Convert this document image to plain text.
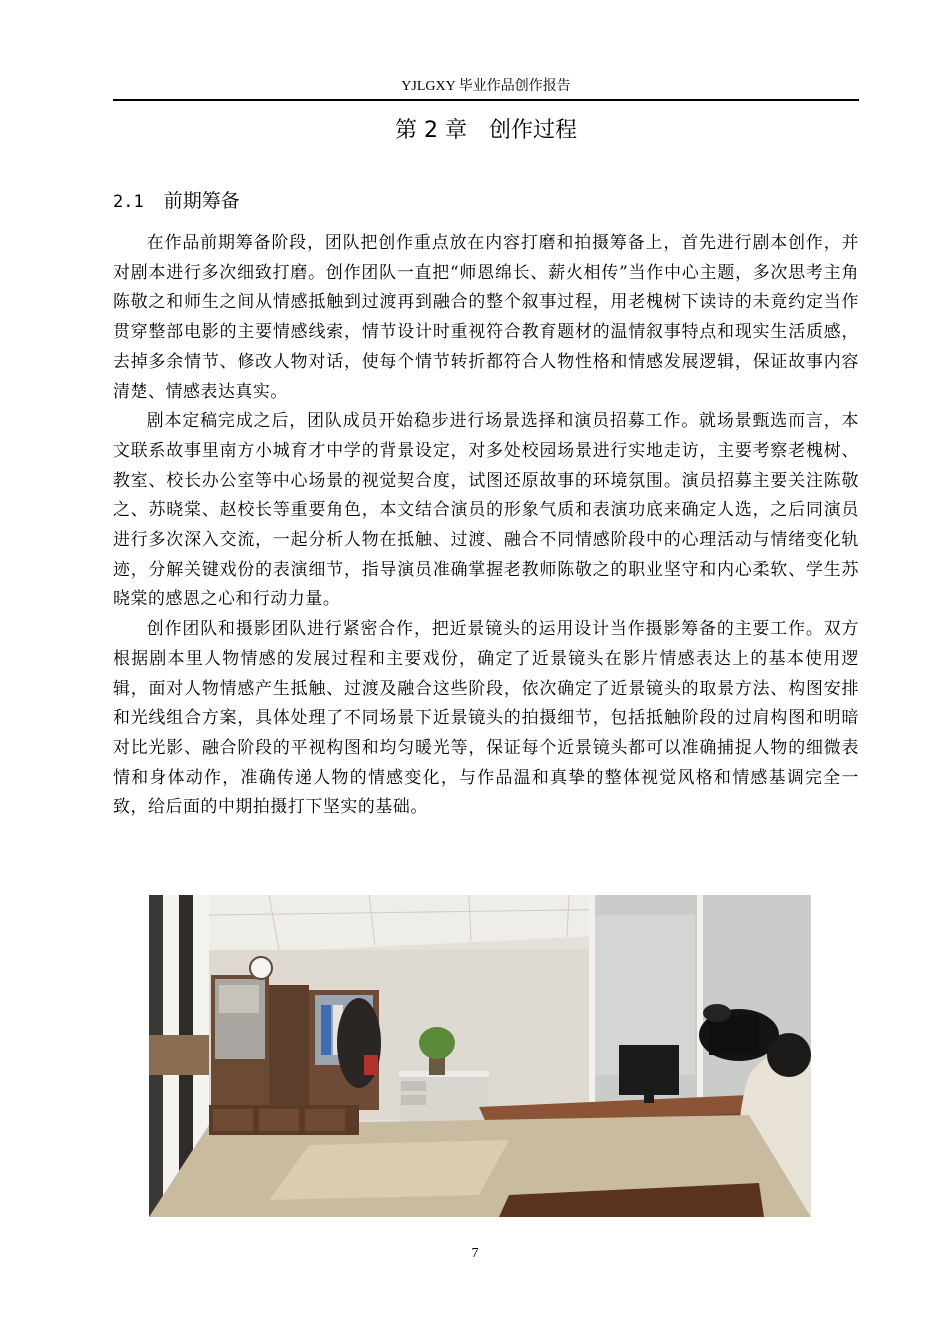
YJLGXY 毕业作品创作报告
第 2 章 创作过程
2.1 前期筹备

在作品前期筹备阶段，团队把创作重点放在内容打磨和拍摄筹备上，首先进行剧本创作，并对剧本进行多次细致打磨。创作团队一直把“师恩绵长、薪火相传”当作中心主题，多次思考主角陈敬之和师生之间从情感抵触到过渡再到融合的整个叙事过程，用老槐树下读诗的未竟约定当作贯穿整部电影的主要情感线索，情节设计时重视符合教育题材的温情叙事特点和现实生活质感，去掉多余情节、修改人物对话，使每个情节转折都符合人物性格和情感发展逻辑，保证故事内容清楚、情感表达真实。

剧本定稿完成之后，团队成员开始稳步进行场景选择和演员招募工作。就场景甄选而言，本文联系故事里南方小城育才中学的背景设定，对多处校园场景进行实地走访，主要考察老槐树、教室、校长办公室等中心场景的视觉契合度，试图还原故事的环境氛围。演员招募主要关注陈敬之、苏晓棠、赵校长等重要角色，本文结合演员的形象气质和表演功底来确定人选，之后同演员进行多次深入交流，一起分析人物在抵触、过渡、融合不同情感阶段中的心理活动与情绪变化轨迹，分解关键戏份的表演细节，指导演员准确掌握老教师陈敬之的职业坚守和内心柔软、学生苏晓棠的感恩之心和行动力量。

创作团队和摄影团队进行紧密合作，把近景镜头的运用设计当作摄影筹备的主要工作。双方根据剧本里人物情感的发展过程和主要戏份，确定了近景镜头在影片情感表达上的基本使用逻辑，面对人物情感产生抵触、过渡及融合这些阶段，依次确定了近景镜头的取景方法、构图安排和光线组合方案，具体处理了不同场景下近景镜头的拍摄细节，包括抵触阶段的过肩构图和明暗对比光影、融合阶段的平视构图和均匀暖光等，保证每个近景镜头都可以准确捕捉人物的细微表情和身体动作，准确传递人物的情感变化，与作品温和真挚的整体视觉风格和情感基调完全一致，给后面的中期拍摄打下坚实的基础。

7
